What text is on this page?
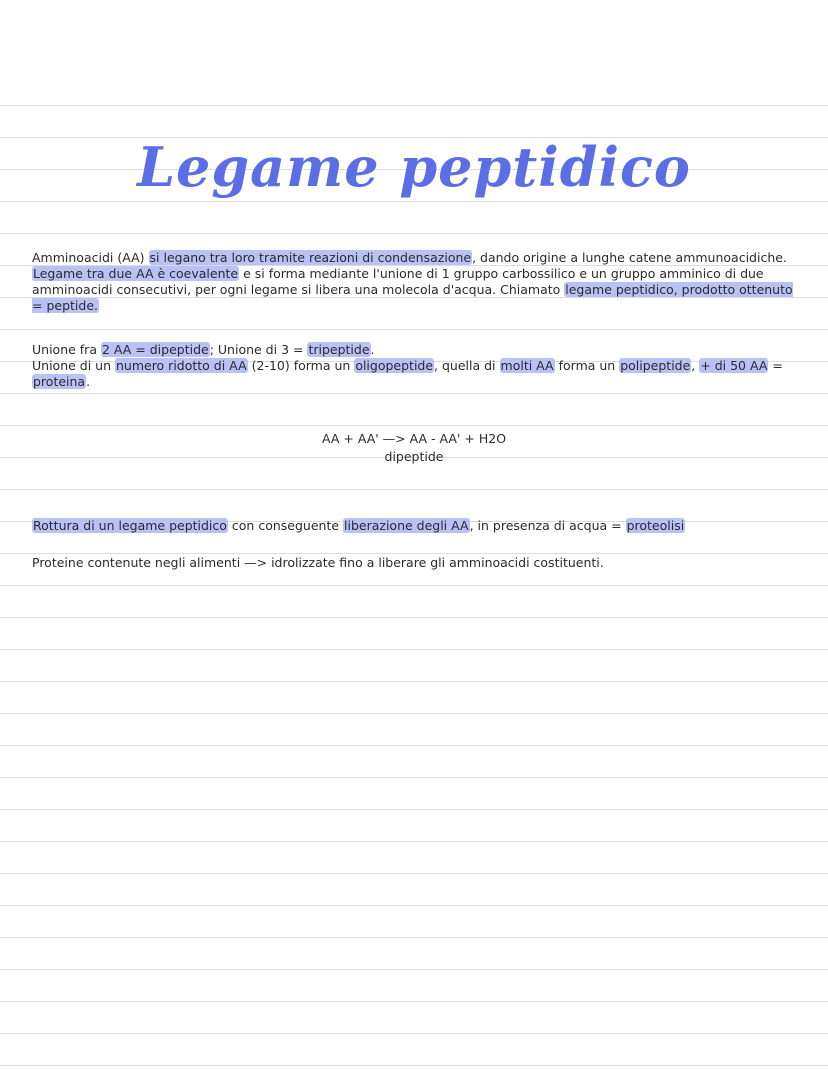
Legame peptidico
Amminoacidi (AA) si legano tra loro tramite reazioni di condensazione, dando origine a lunghe catene ammunoacidiche. Legame tra due AA è coevalente e si forma mediante l'unione di 1 gruppo carbossilico e un gruppo amminico di due amminoacidi consecutivi, per ogni legame si libera una molecola d'acqua. Chiamato legame peptidico, prodotto ottenuto = peptide.
Unione fra 2 AA = dipeptide; Unione di 3 = tripeptide.
Unione di un numero ridotto di AA (2-10) forma un oligopeptide, quella di molti AA forma un polipeptide, + di 50 AA = proteina.
AA + AA' —> AA - AA' + H2O
dipeptide
Rottura di un legame peptidico con conseguente liberazione degli AA, in presenza di acqua = proteolisi
Proteine contenute negli alimenti —> idrolizzate fino a liberare gli amminoacidi costituenti.
